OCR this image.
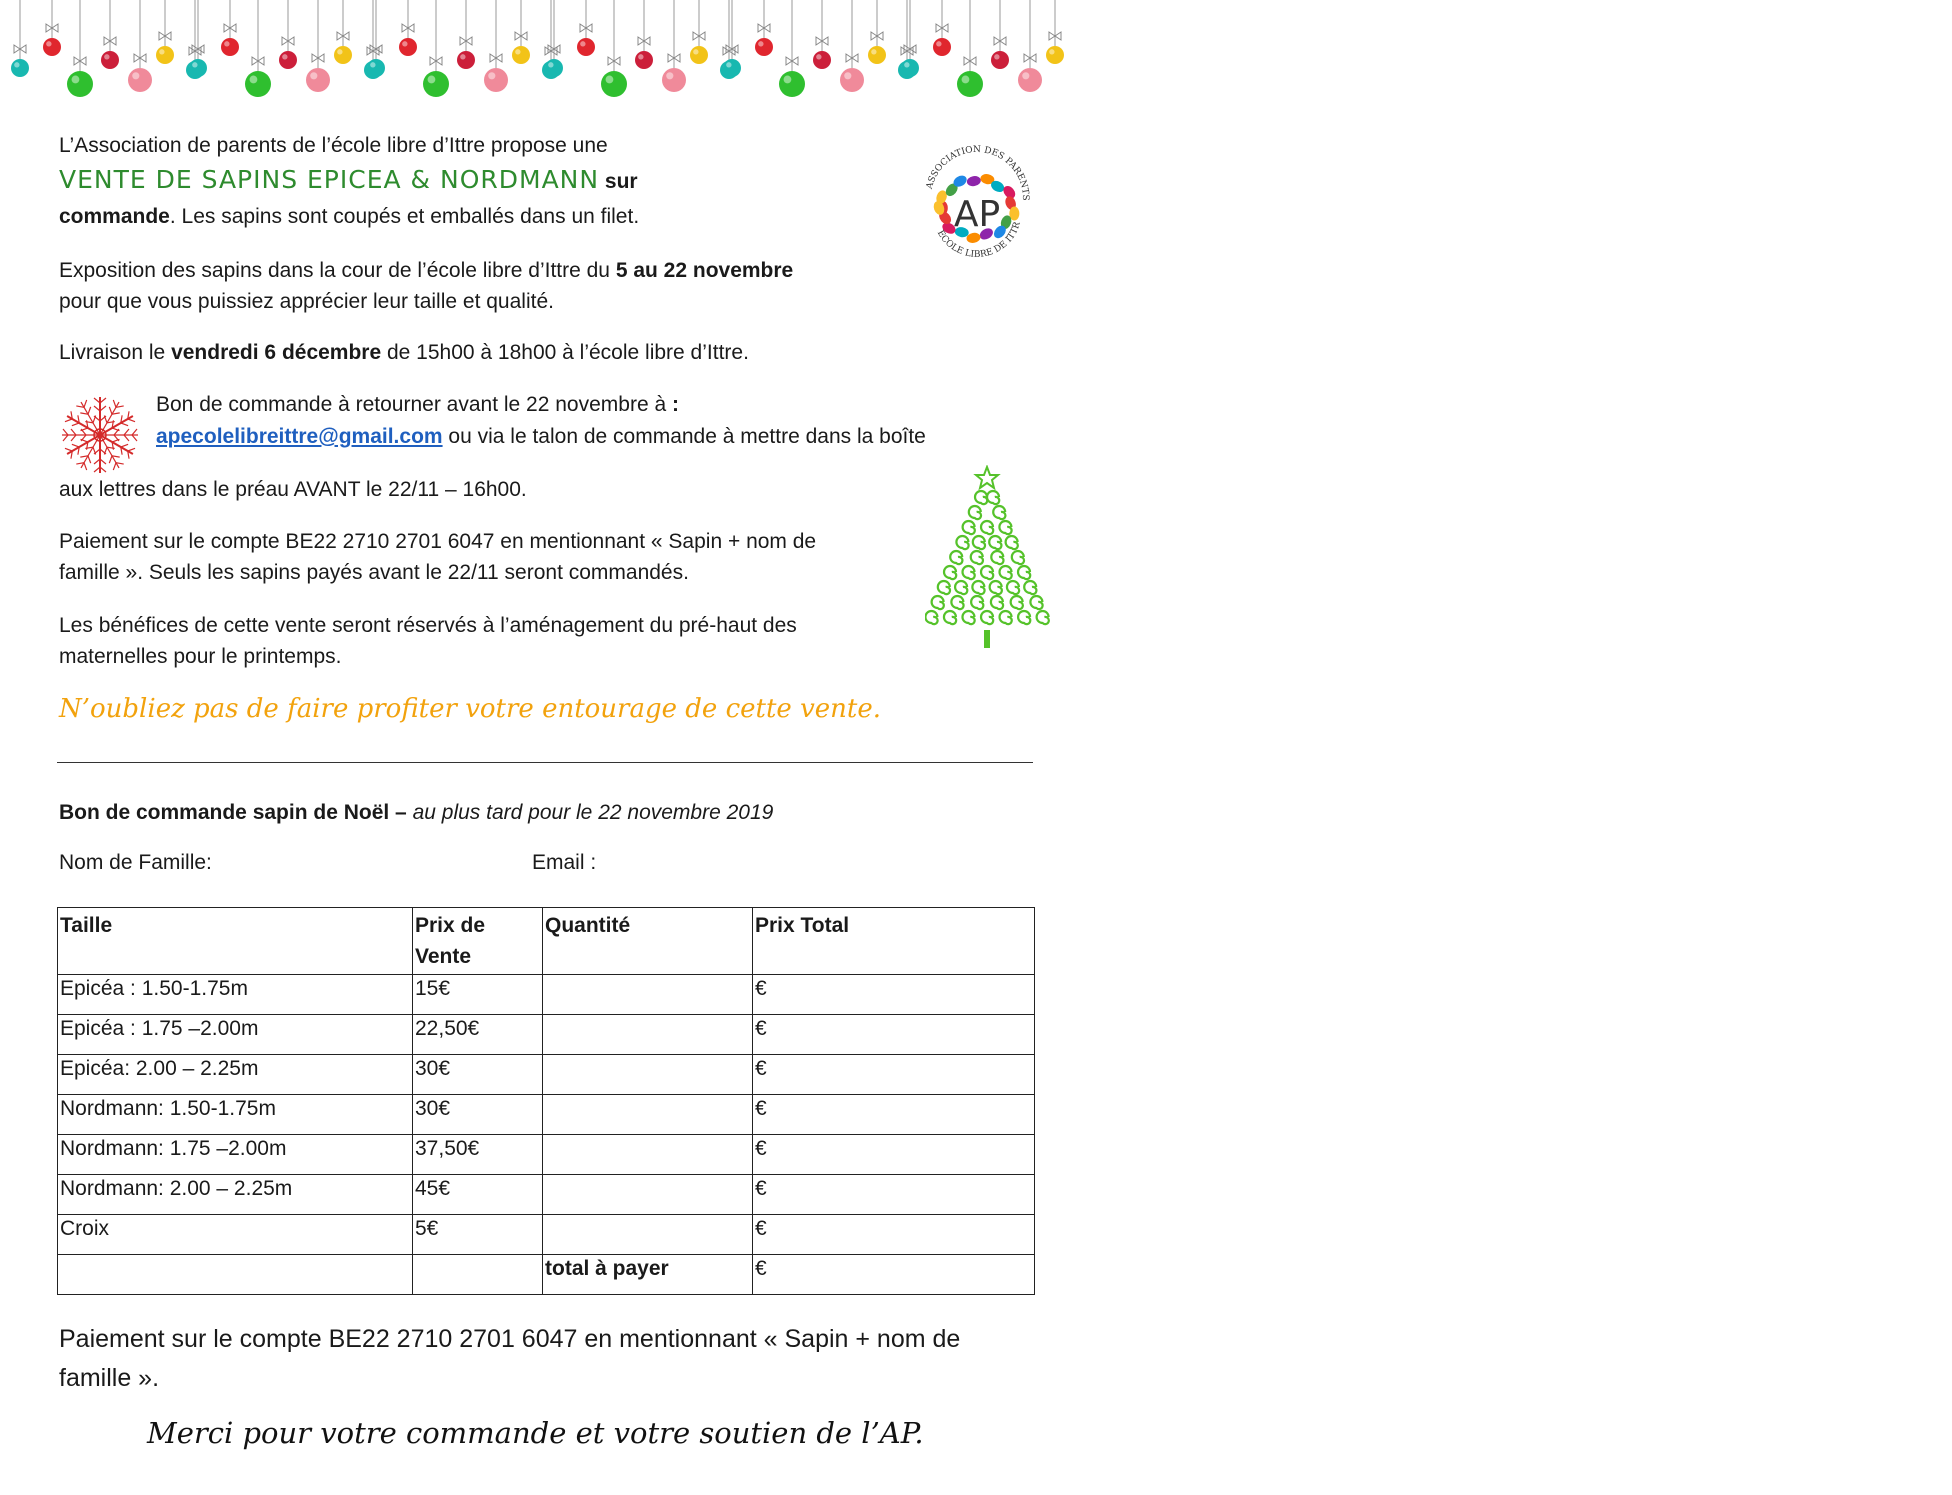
L’Association de parents de l’école libre d’Ittre propose une
VENTE DE SAPINS EPICEA & NORDMANN sur
commande. Les sapins sont coupés et emballés dans un filet.
ASSOCIATION DES PARENTS
ÉCOLE LIBRE DE ITTR
AP
Exposition des sapins dans la cour de l’école libre d’Ittre du 5 au 22 novembre
pour que vous puissiez apprécier leur taille et qualité.
Livraison le vendredi 6 décembre de 15h00 à 18h00 à l’école libre d’Ittre.
Bon de commande à retourner avant le 22 novembre à :
apecolelibreittre@gmail.com ou via le talon de commande à mettre dans la boîte
aux lettres dans le préau AVANT le 22/11 – 16h00.
Paiement sur le compte BE22 2710 2701 6047 en mentionnant « Sapin + nom de
famille ». Seuls les sapins payés avant le 22/11 seront commandés.
Les bénéfices de cette vente seront réservés à l’aménagement du pré-haut des
maternelles pour le printemps.
N’oubliez pas de faire profiter votre entourage de cette vente.
Bon de commande sapin de Noël – au plus tard pour le 22 novembre 2019
Nom de Famille:	Email :
Taille	Prix de Vente	Quantité	Prix Total
Epicéa : 1.50-1.75m	15€		€
Epicéa : 1.75 –2.00m	22,50€		€
Epicéa: 2.00 – 2.25m	30€		€
Nordmann: 1.50-1.75m	30€		€
Nordmann: 1.75 –2.00m	37,50€		€
Nordmann: 2.00 – 2.25m	45€		€
Croix	5€		€
		total à payer	€
Paiement sur le compte BE22 2710 2701 6047 en mentionnant « Sapin + nom de
famille ».
Merci pour votre commande et votre soutien de l’AP.
